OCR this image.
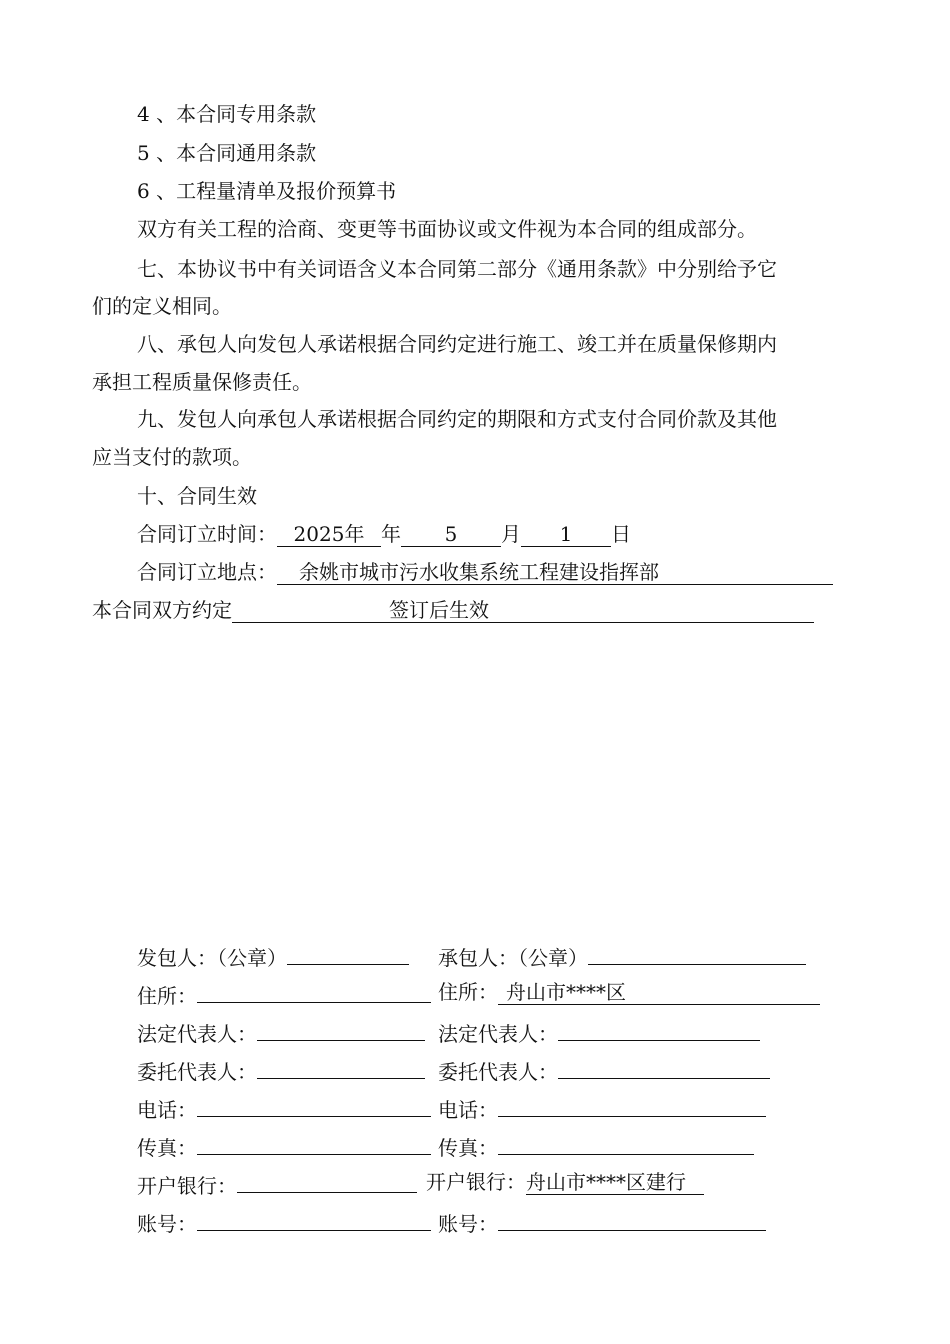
4 、本合同专用条款
5 、本合同通用条款
6 、工程量清单及报价预算书
双方有关工程的洽商、变更等书面协议或文件视为本合同的组成部分。
七、本协议书中有关词语含义本合同第二部分《通用条款》中分别给予它
们的定义相同。
八、承包人向发包人承诺根据合同约定进行施工、竣工并在质量保修期内
承担工程质量保修责任。
九、发包人向承包人承诺根据合同约定的期限和方式支付合同价款及其他
应当支付的款项。
十、合同生效
合同订立时间： 2025年 年 5 月 1 日
合同订立地点： 余姚市城市污水收集系统工程建设指挥部
本合同双方约定	签订后生效
发包人：（公章）
住所：
法定代表人：
委托代表人：
电话：
传真：
开户银行：
账号：
承包人：（公章）
住所： 舟山市****区
法定代表人：
委托代表人：
电话：
传真：
开户银行：舟山市****区建行
账号：
